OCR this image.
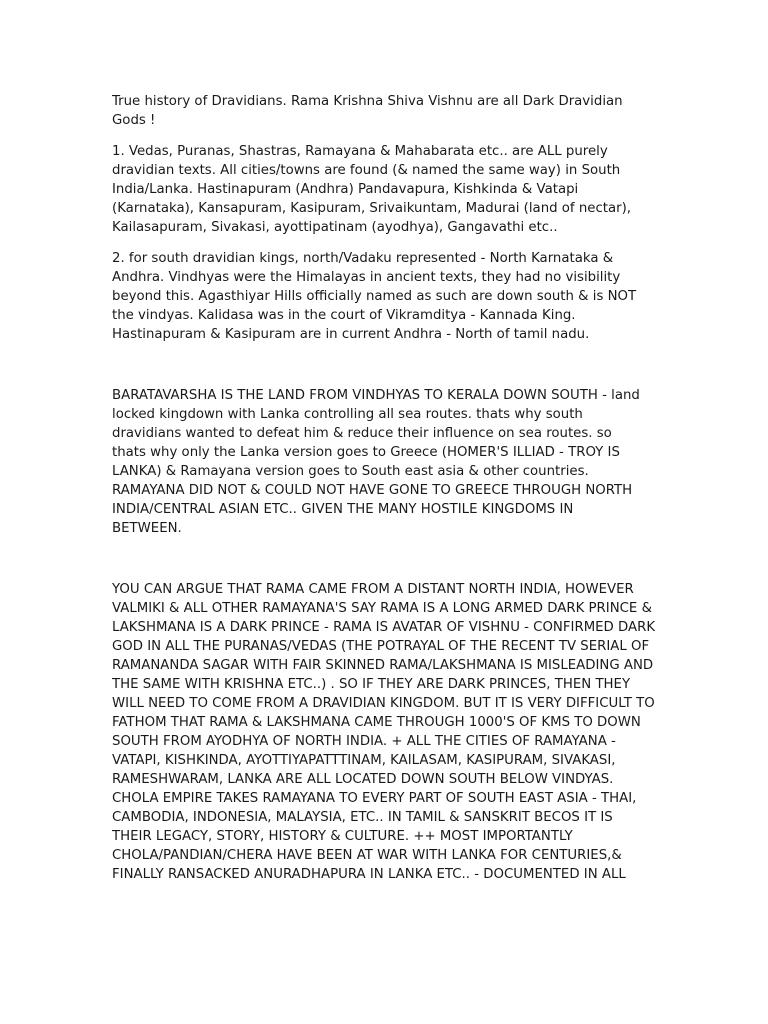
True history of Dravidians. Rama Krishna Shiva Vishnu are all Dark Dravidian Gods !

1. Vedas, Puranas, Shastras, Ramayana & Mahabarata etc.. are ALL purely dravidian texts. All cities/towns are found (& named the same way) in South India/Lanka. Hastinapuram (Andhra) Pandavapura, Kishkinda & Vatapi (Karnataka), Kansapuram, Kasipuram, Srivaikuntam, Madurai (land of nectar), Kailasapuram, Sivakasi, ayottipatinam (ayodhya), Gangavathi etc..

2. for south dravidian kings, north/Vadaku represented - North Karnataka & Andhra. Vindhyas were the Himalayas in ancient texts, they had no visibility beyond this. Agasthiyar Hills officially named as such are down south & is NOT the vindyas. Kalidasa was in the court of Vikramditya - Kannada King. Hastinapuram & Kasipuram are in current Andhra - North of tamil nadu.

BARATAVARSHA IS THE LAND FROM VINDHYAS TO KERALA DOWN SOUTH - land locked kingdown with Lanka controlling all sea routes. thats why south dravidians wanted to defeat him & reduce their influence on sea routes. so thats why only the Lanka version goes to Greece (HOMER'S ILLIAD - TROY IS LANKA) & Ramayana version goes to South east asia & other countries. RAMAYANA DID NOT & COULD NOT HAVE GONE TO GREECE THROUGH NORTH INDIA/CENTRAL ASIAN ETC.. GIVEN THE MANY HOSTILE KINGDOMS IN BETWEEN.

YOU CAN ARGUE THAT RAMA CAME FROM A DISTANT NORTH INDIA, HOWEVER VALMIKI & ALL OTHER RAMAYANA'S SAY RAMA IS A LONG ARMED DARK PRINCE & LAKSHMANA IS A DARK PRINCE - RAMA IS AVATAR OF VISHNU - CONFIRMED DARK GOD IN ALL THE PURANAS/VEDAS (THE POTRAYAL OF THE RECENT TV SERIAL OF RAMANANDA SAGAR WITH FAIR SKINNED RAMA/LAKSHMANA IS MISLEADING AND THE SAME WITH KRISHNA ETC..) . SO IF THEY ARE DARK PRINCES, THEN THEY WILL NEED TO COME FROM A DRAVIDIAN KINGDOM. BUT IT IS VERY DIFFICULT TO FATHOM THAT RAMA & LAKSHMANA CAME THROUGH 1000'S OF KMS TO DOWN SOUTH FROM AYODHYA OF NORTH INDIA. + ALL THE CITIES OF RAMAYANA - VATAPI, KISHKINDA, AYOTTIYAPATTTINAM, KAILASAM, KASIPURAM, SIVAKASI, RAMESHWARAM, LANKA ARE ALL LOCATED DOWN SOUTH BELOW VINDYAS. CHOLA EMPIRE TAKES RAMAYANA TO EVERY PART OF SOUTH EAST ASIA - THAI, CAMBODIA, INDONESIA, MALAYSIA, ETC.. IN TAMIL & SANSKRIT BECOS IT IS THEIR LEGACY, STORY, HISTORY & CULTURE. ++ MOST IMPORTANTLY CHOLA/PANDIAN/CHERA HAVE BEEN AT WAR WITH LANKA FOR CENTURIES,& FINALLY RANSACKED ANURADHAPURA IN LANKA ETC.. - DOCUMENTED IN ALL
